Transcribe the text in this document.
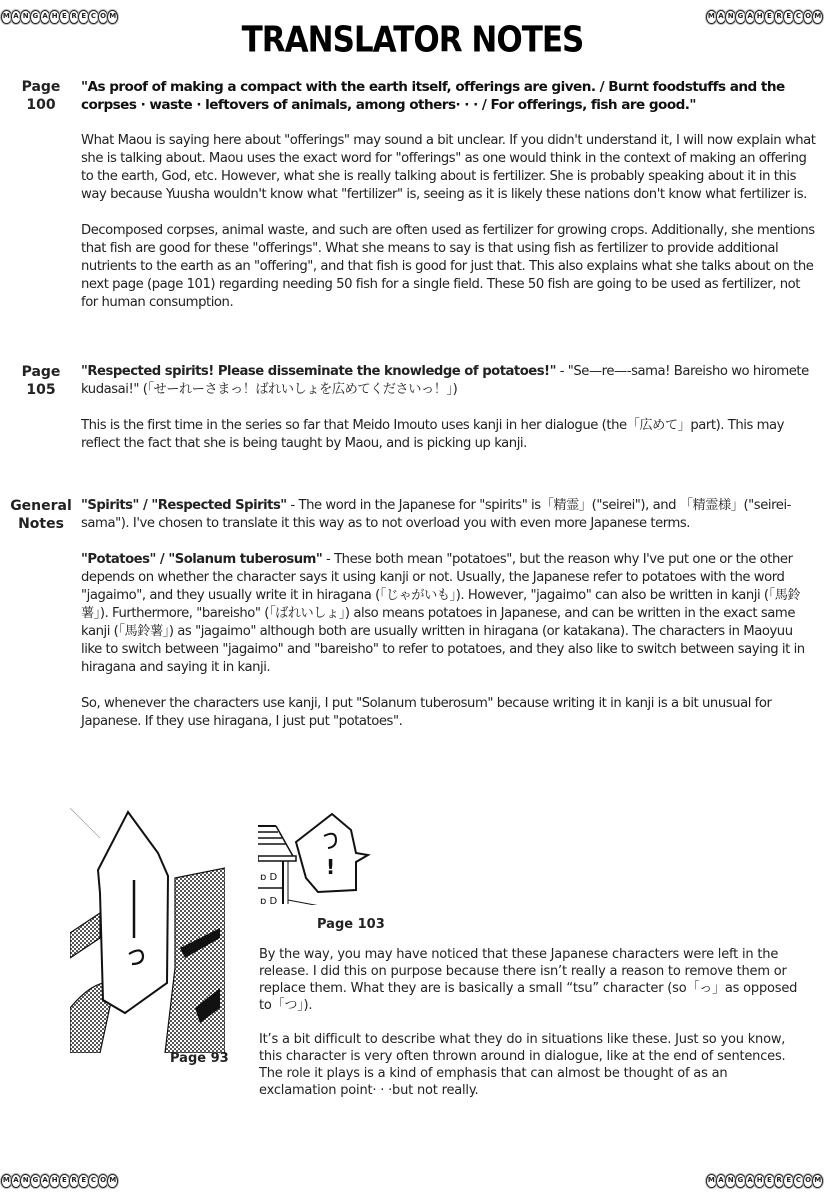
M A N G A H E R E C O M	M A N G A H E R E C O M
M A N G A H E R E C O M	M A N G A H E R E C O M
TRANSLATOR NOTES
Page
100

"As proof of making a compact with the earth itself, offerings are given. / Burnt foodstuffs and the corpses · waste · leftovers of animals, among others· · · / For offerings, fish are good."

What Maou is saying here about "offerings" may sound a bit unclear. If you didn't understand it, I will now explain what she is talking about. Maou uses the exact word for "offerings" as one would think in the context of making an offering to the earth, God, etc. However, what she is really talking about is fertilizer. She is probably speaking about it in this way because Yuusha wouldn't know what "fertilizer" is, seeing as it is likely these nations don't know what fertilizer is.

Decomposed corpses, animal waste, and such are often used as fertilizer for growing crops. Additionally, she mentions that fish are good for these "offerings". What she means to say is that using fish as fertilizer to provide additional nutrients to the earth as an "offering", and that fish is good for just that. This also explains what she talks about on the next page (page 101) regarding needing 50 fish for a single field. These 50 fish are going to be used as fertilizer, not for human consumption.

Page
105

"Respected spirits! Please disseminate the knowledge of potatoes!" - "Se—re—-sama! Bareisho wo hiromete kudasai!" (「せーれーさまっ！ばれいしょを広めてくださいっ！」)

This is the first time in the series so far that Meido Imouto uses kanji in her dialogue (the「広めて」part). This may reflect the fact that she is being taught by Maou, and is picking up kanji.

General
Notes

"Spirits" / "Respected Spirits" - The word in the Japanese for "spirits" is「精霊」("seirei"), and 「精霊様」("seirei-sama"). I've chosen to translate it this way as to not overload you with even more Japanese terms.

"Potatoes" / "Solanum tuberosum" - These both mean "potatoes", but the reason why I've put one or the other depends on whether the character says it using kanji or not. Usually, the Japanese refer to potatoes with the word "jagaimo", and they usually write it in hiragana (「じゃがいも」). However, "jagaimo" can also be written in kanji (「馬鈴薯」). Furthermore, "bareisho" (「ばれいしょ」) also means potatoes in Japanese, and can be written in the exact same kanji (「馬鈴薯」) as "jagaimo" although both are usually written in hiragana (or katakana). The characters in Maoyuu like to switch between "jagaimo" and "bareisho" to refer to potatoes, and they also like to switch between saying it in hiragana and saying it in kanji.

So, whenever the characters use kanji, I put "Solanum tuberosum" because writing it in kanji is a bit unusual for Japanese. If they use hiragana, I just put "potatoes".

Page 93
ɒ D
ɒ D
!
Page 103

By the way, you may have noticed that these Japanese characters were left in the release. I did this on purpose because there isn’t really a reason to remove them or replace them. What they are is basically a small “tsu” character (so「っ」as opposed to「つ」).

It’s a bit difficult to describe what they do in situations like these. Just so you know, this character is very often thrown around in dialogue, like at the end of sentences. The role it plays is a kind of emphasis that can almost be thought of as an exclamation point· · ·but not really.
